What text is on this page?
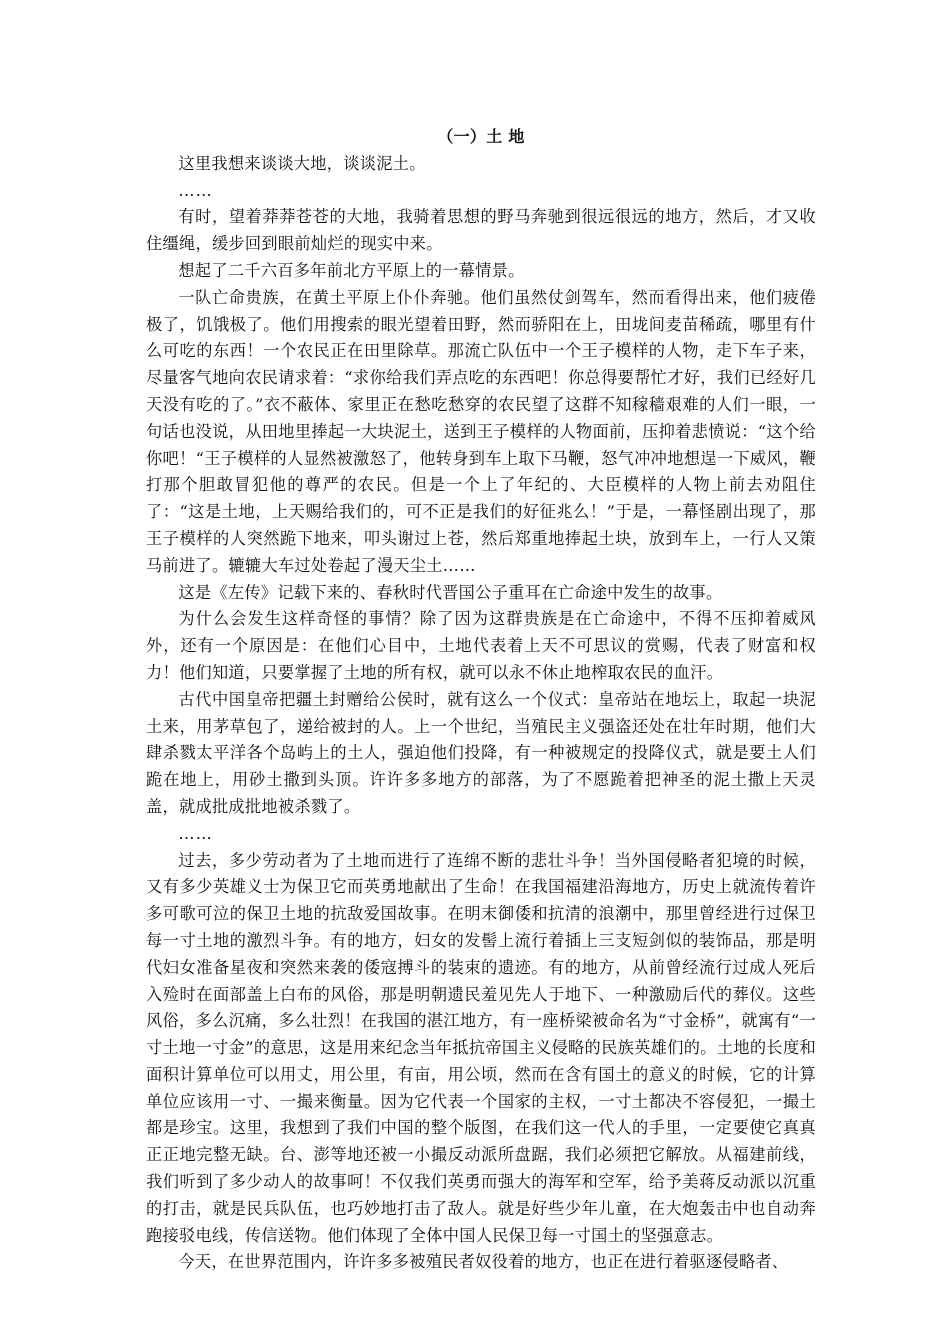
（一）土 地

这里我想来谈谈大地，谈谈泥土。

……

有时，望着莽莽苍苍的大地，我骑着思想的野马奔驰到很远很远的地方，然后，才又收住缰绳，缓步回到眼前灿烂的现实中来。

想起了二千六百多年前北方平原上的一幕情景。

一队亡命贵族，在黄土平原上仆仆奔驰。他们虽然仗剑驾车，然而看得出来，他们疲倦极了，饥饿极了。他们用搜索的眼光望着田野，然而骄阳在上，田垅间麦苗稀疏，哪里有什么可吃的东西！一个农民正在田里除草。那流亡队伍中一个王子模样的人物，走下车子来，尽量客气地向农民请求着：“求你给我们弄点吃的东西吧！你总得要帮忙才好，我们已经好几天没有吃的了。”衣不蔽体、家里正在愁吃愁穿的农民望了这群不知稼穑艰难的人们一眼，一句话也没说，从田地里捧起一大块泥土，送到王子模样的人物面前，压抑着悲愤说：“这个给你吧！“王子模样的人显然被激怒了，他转身到车上取下马鞭，怒气冲冲地想逞一下威风，鞭打那个胆敢冒犯他的尊严的农民。但是一个上了年纪的、大臣模样的人物上前去劝阻住了：“这是土地，上天赐给我们的，可不正是我们的好征兆么！”于是，一幕怪剧出现了，那王子模样的人突然跪下地来，叩头谢过上苍，然后郑重地捧起土块，放到车上，一行人又策马前进了。辘辘大车过处卷起了漫天尘土……

这是《左传》记载下来的、春秋时代晋国公子重耳在亡命途中发生的故事。

为什么会发生这样奇怪的事情？除了因为这群贵族是在亡命途中，不得不压抑着威风外，还有一个原因是：在他们心目中，土地代表着上天不可思议的赏赐，代表了财富和权力！他们知道，只要掌握了土地的所有权，就可以永不休止地榨取农民的血汗。

古代中国皇帝把疆土封赠给公侯时，就有这么一个仪式：皇帝站在地坛上，取起一块泥土来，用茅草包了，递给被封的人。上一个世纪，当殖民主义强盗还处在壮年时期，他们大肆杀戮太平洋各个岛屿上的土人，强迫他们投降，有一种被规定的投降仪式，就是要土人们跪在地上，用砂土撒到头顶。许许多多地方的部落，为了不愿跪着把神圣的泥土撒上天灵盖，就成批成批地被杀戮了。

……

过去，多少劳动者为了土地而进行了连绵不断的悲壮斗争！当外国侵略者犯境的时候，又有多少英雄义士为保卫它而英勇地献出了生命！在我国福建沿海地方，历史上就流传着许多可歌可泣的保卫土地的抗敌爱国故事。在明末御倭和抗清的浪潮中，那里曾经进行过保卫每一寸土地的激烈斗争。有的地方，妇女的发髻上流行着插上三支短剑似的装饰品，那是明代妇女准备星夜和突然来袭的倭寇搏斗的装束的遗迹。有的地方，从前曾经流行过成人死后入殓时在面部盖上白布的风俗，那是明朝遗民羞见先人于地下、一种激励后代的葬仪。这些风俗，多么沉痛，多么壮烈！在我国的湛江地方，有一座桥梁被命名为“寸金桥”，就寓有“一寸土地一寸金”的意思，这是用来纪念当年抵抗帝国主义侵略的民族英雄们的。土地的长度和面积计算单位可以用丈，用公里，有亩，用公顷，然而在含有国土的意义的时候，它的计算单位应该用一寸、一撮来衡量。因为它代表一个国家的主权，一寸土都决不容侵犯，一撮土都是珍宝。这里，我想到了我们中国的整个版图，在我们这一代人的手里，一定要使它真真正正地完整无缺。台、澎等地还被一小撮反动派所盘踞，我们必须把它解放。从福建前线，我们听到了多少动人的故事呵！不仅我们英勇而强大的海军和空军，给予美蒋反动派以沉重的打击，就是民兵队伍，也巧妙地打击了敌人。就是好些少年儿童，在大炮轰击中也自动奔跑接驳电线，传信送物。他们体现了全体中国人民保卫每一寸国土的坚强意志。

今天，在世界范围内，许许多多被殖民者奴役着的地方，也正在进行着驱逐侵略者、
